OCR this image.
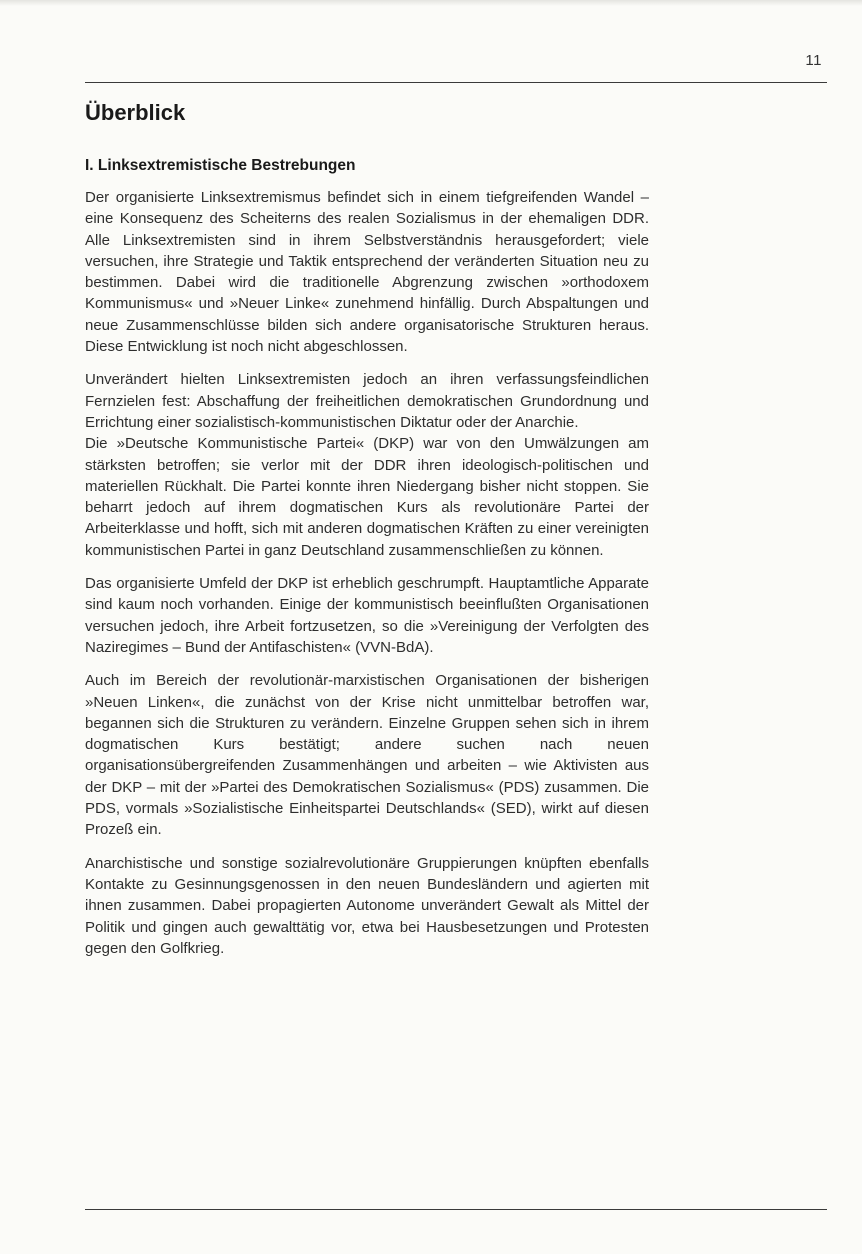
11
Überblick
I. Linksextremistische Bestrebungen

Der organisierte Linksextremismus befindet sich in einem tiefgreifenden Wandel – eine Konsequenz des Scheiterns des realen Sozialismus in der ehemaligen DDR. Alle Linksextremisten sind in ihrem Selbstverständnis herausgefordert; viele versuchen, ihre Strategie und Taktik entsprechend der veränderten Situation neu zu bestimmen. Dabei wird die traditionelle Abgrenzung zwischen »orthodoxem Kommunismus« und »Neuer Linke« zunehmend hinfällig. Durch Abspaltungen und neue Zusammenschlüsse bilden sich andere organisatorische Strukturen heraus. Diese Entwicklung ist noch nicht abgeschlossen.

Unverändert hielten Linksextremisten jedoch an ihren verfassungsfeindlichen Fernzielen fest: Abschaffung der freiheitlichen demokratischen Grundordnung und Errichtung einer sozialistisch-kommunistischen Diktatur oder der Anarchie.

Die »Deutsche Kommunistische Partei« (DKP) war von den Umwälzungen am stärksten betroffen; sie verlor mit der DDR ihren ideologisch-politischen und materiellen Rückhalt. Die Partei konnte ihren Niedergang bisher nicht stoppen. Sie beharrt jedoch auf ihrem dogmatischen Kurs als revolutionäre Partei der Arbeiterklasse und hofft, sich mit anderen dogmatischen Kräften zu einer vereinigten kommunistischen Partei in ganz Deutschland zusammenschließen zu können.

Das organisierte Umfeld der DKP ist erheblich geschrumpft. Hauptamtliche Apparate sind kaum noch vorhanden. Einige der kommunistisch beeinflußten Organisationen versuchen jedoch, ihre Arbeit fortzusetzen, so die »Vereinigung der Verfolgten des Naziregimes – Bund der Antifaschisten« (VVN-BdA).

Auch im Bereich der revolutionär-marxistischen Organisationen der bisherigen »Neuen Linken«, die zunächst von der Krise nicht unmittelbar betroffen war, begannen sich die Strukturen zu verändern. Einzelne Gruppen sehen sich in ihrem dogmatischen Kurs bestätigt; andere suchen nach neuen organisationsübergreifenden Zusammenhängen und arbeiten – wie Aktivisten aus der DKP – mit der »Partei des Demokratischen Sozialismus« (PDS) zusammen. Die PDS, vormals »Sozialistische Einheitspartei Deutschlands« (SED), wirkt auf diesen Prozeß ein.

Anarchistische und sonstige sozialrevolutionäre Gruppierungen knüpften ebenfalls Kontakte zu Gesinnungsgenossen in den neuen Bundesländern und agierten mit ihnen zusammen. Dabei propagierten Autonome unverändert Gewalt als Mittel der Politik und gingen auch gewalttätig vor, etwa bei Hausbesetzungen und Protesten gegen den Golfkrieg.
